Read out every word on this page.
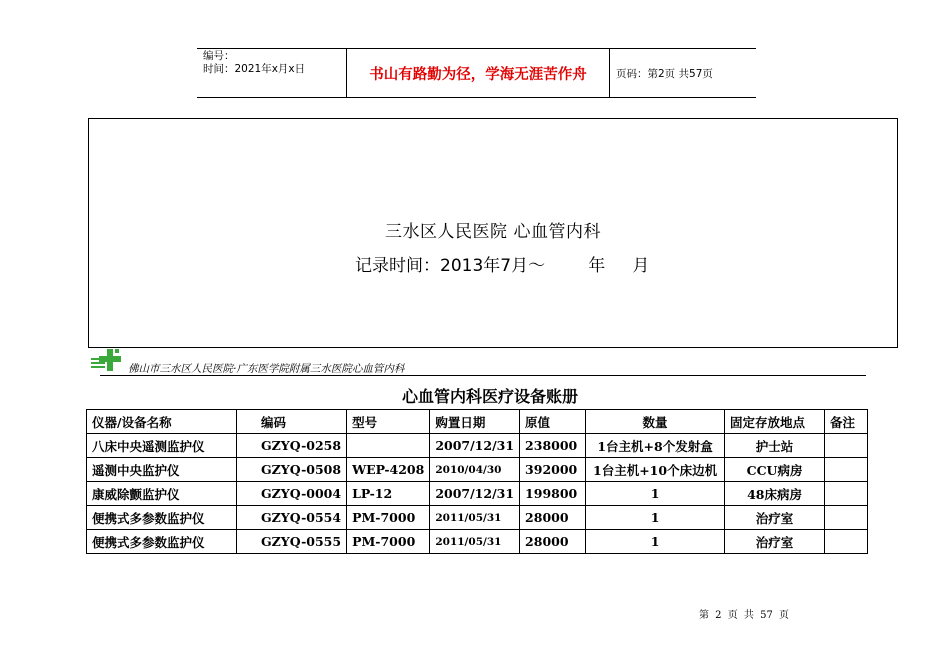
编号：
时间：2021年x月x日	书山有路勤为径，学海无涯苦作舟	页码：第2页 共57页
三水区人民医院 心血管内科
记录时间：2013年7月～        年     月
佛山市三水区人民医院·广东医学院附属三水医院心血管内科
心血管内科医疗设备账册
仪器/设备名称	编码	型号	购置日期	原值	数量	固定存放地点	备注
八床中央遥测监护仪	GZYQ-0258		2007/12/31	238000	1台主机+8个发射盒	护士站	
遥测中央监护仪	GZYQ-0508	WEP-4208	2010/04/30	392000	1台主机+10个床边机	CCU病房	
康威除颤监护仪	GZYQ-0004	LP-12	2007/12/31	199800	1	48床病房	
便携式多参数监护仪	GZYQ-0554	PM-7000	2011/05/31	28000	1	治疗室	
便携式多参数监护仪	GZYQ-0555	PM-7000	2011/05/31	28000	1	治疗室	
第 2 页 共 57 页
